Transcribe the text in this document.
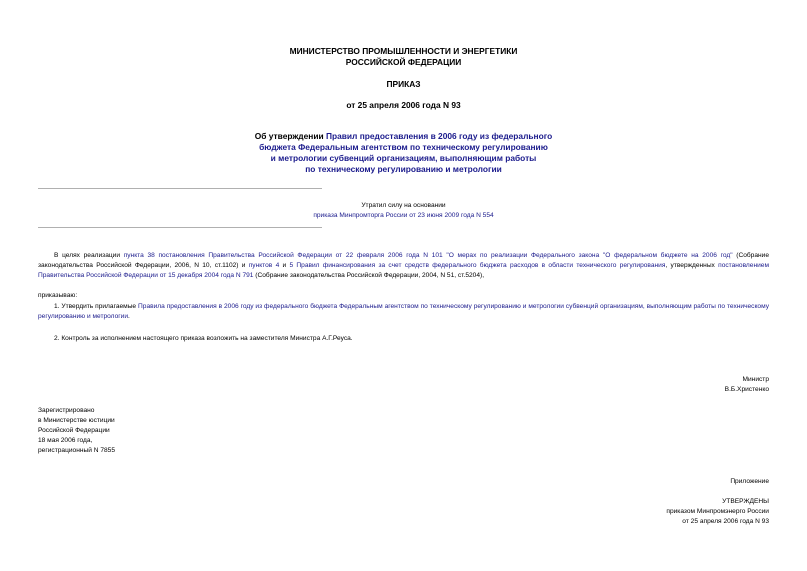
МИНИСТЕРСТВО ПРОМЫШЛЕННОСТИ И ЭНЕРГЕТИКИ
РОССИЙСКОЙ ФЕДЕРАЦИИ
ПРИКАЗ
от 25 апреля 2006 года N 93
Об утверждении Правил предоставления в 2006 году из федерального
бюджета Федеральным агентством по техническому регулированию
и метрологии субвенций организациям, выполняющим работы
по техническому регулированию и метрологии
Утратил силу на основании
приказа Минпромторга России от 23 июня 2009 года N 554
В целях реализации пункта 38 постановления Правительства Российской Федерации от 22 февраля 2006 года N 101 "О мерах по реализации Федерального закона "О федеральном бюджете на 2006 год" (Собрание законодательства Российской Федерации, 2006, N 10, ст.1102) и пунктов 4 и 5 Правил финансирования за счет средств федерального бюджета расходов в области технического регулирования, утвержденных постановлением Правительства Российской Федерации от 15 декабря 2004 года N 791 (Собрание законодательства Российской Федерации, 2004, N 51, ст.5204),
приказываю:
1. Утвердить прилагаемые Правила предоставления в 2006 году из федерального бюджета Федеральным агентством по техническому регулированию и метрологии субвенций организациям, выполняющим работы по техническому регулированию и метрологии.
2. Контроль за исполнением настоящего приказа возложить на заместителя Министра А.Г.Реуса.
Министр
В.Б.Христенко
Зарегистрировано
в Министерстве юстиции
Российской Федерации
18 мая 2006 года,
регистрационный N 7855
Приложение
УТВЕРЖДЕНЫ
приказом Минпромэнерго России
от 25 апреля 2006 года N 93
